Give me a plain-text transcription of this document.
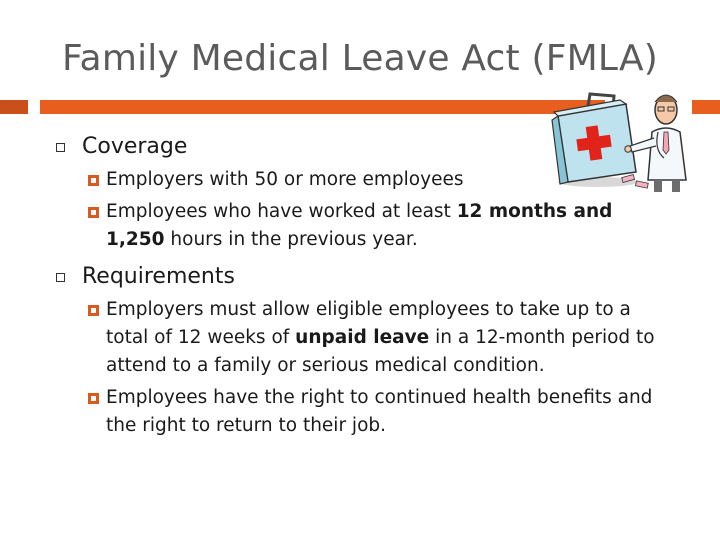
Family Medical Leave Act (FMLA)
Coverage
Employers with 50 or more employees
Employees who have worked at least 12 months and 1,250 hours in the previous year.
Requirements
Employers must allow eligible employees to take up to a total of 12 weeks of unpaid leave in a 12-month period to attend to a family or serious medical condition.
Employees have the right to continued health benefits and the right to return to their job.
